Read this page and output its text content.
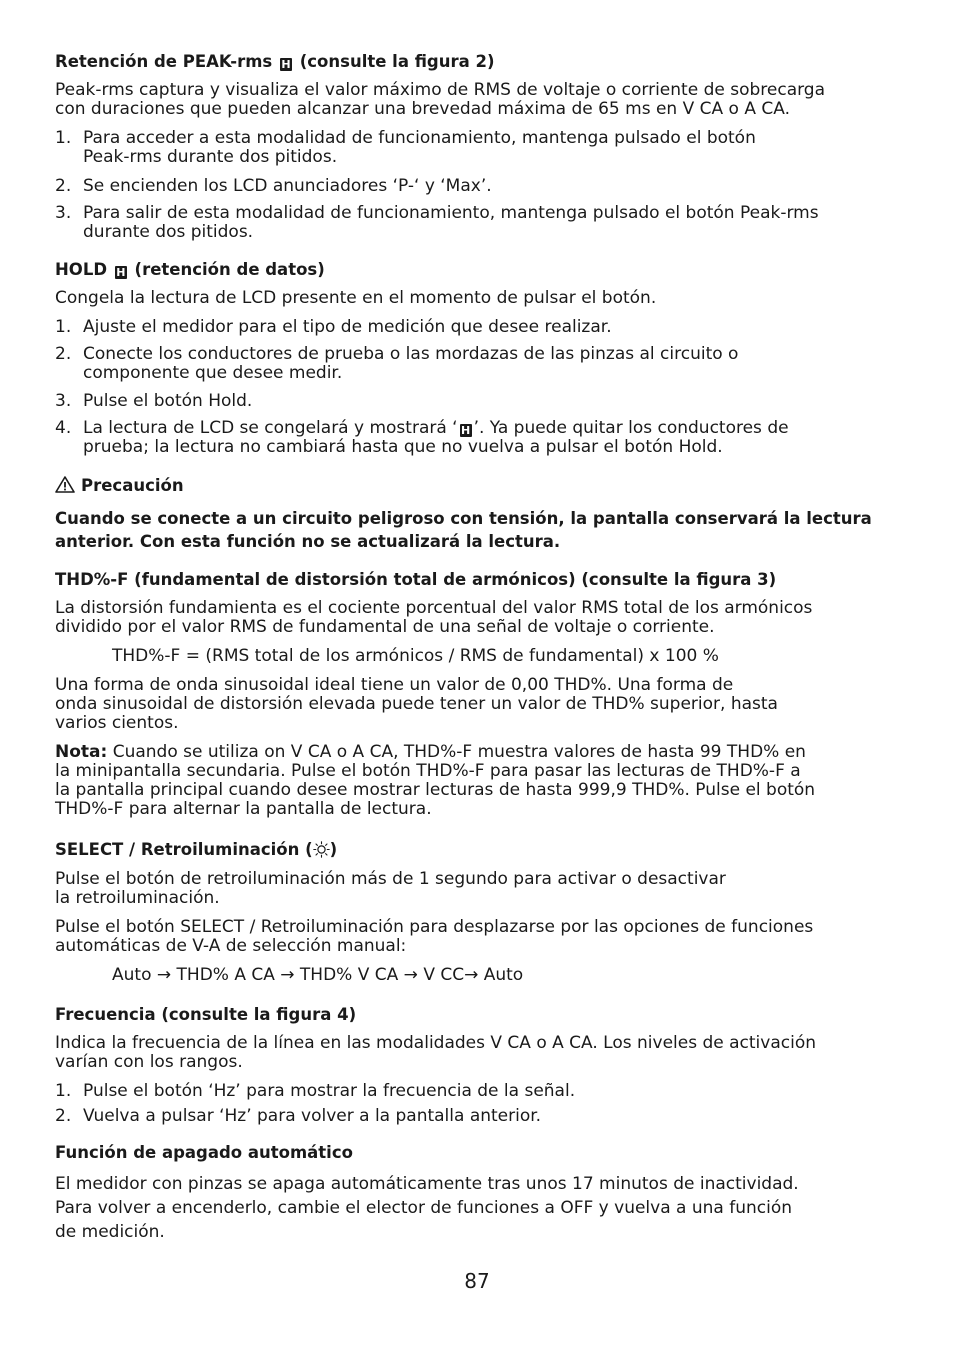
Retención de PEAK-rms H (consulte la figura 2)
Peak-rms captura y visualiza el valor máximo de RMS de voltaje o corriente de sobrecarga
con duraciones que pueden alcanzar una brevedad máxima de 65 ms en V CA o A CA.
1. Para acceder a esta modalidad de funcionamiento, mantenga pulsado el botón
Peak-rms durante dos pitidos.
2. Se encienden los LCD anunciadores ‘P-‘ y ‘Max’.
3. Para salir de esta modalidad de funcionamiento, mantenga pulsado el botón Peak-rms
durante dos pitidos.
HOLD H (retención de datos)
Congela la lectura de LCD presente en el momento de pulsar el botón.
1. Ajuste el medidor para el tipo de medición que desee realizar.
2. Conecte los conductores de prueba o las mordazas de las pinzas al circuito o
componente que desee medir.
3. Pulse el botón Hold.
4. La lectura de LCD se congelará y mostrará ‘ H ’. Ya puede quitar los conductores de
prueba; la lectura no cambiará hasta que no vuelva a pulsar el botón Hold.
Precaución
Cuando se conecte a un circuito peligroso con tensión, la pantalla conservará la lectura
anterior. Con esta función no se actualizará la lectura.
THD%-F (fundamental de distorsión total de armónicos) (consulte la figura 3)
La distorsión fundamienta es el cociente porcentual del valor RMS total de los armónicos
dividido por el valor RMS de fundamental de una señal de voltaje o corriente.
THD%-F = (RMS total de los armónicos / RMS de fundamental) x 100 %
Una forma de onda sinusoidal ideal tiene un valor de 0,00 THD%. Una forma de
onda sinusoidal de distorsión elevada puede tener un valor de THD% superior, hasta
varios cientos.
Nota: Cuando se utiliza on V CA o A CA, THD%-F muestra valores de hasta 99 THD% en
la minipantalla secundaria. Pulse el botón THD%-F para pasar las lecturas de THD%-F a
la pantalla principal cuando desee mostrar lecturas de hasta 999,9 THD%. Pulse el botón
THD%-F para alternar la pantalla de lectura.
SELECT / Retroiluminación ( )
Pulse el botón de retroiluminación más de 1 segundo para activar o desactivar
la retroiluminación.
Pulse el botón SELECT / Retroiluminación para desplazarse por las opciones de funciones
automáticas de V-A de selección manual:
Auto → THD% A CA → THD% V CA → V CC→ Auto
Frecuencia (consulte la figura 4)
Indica la frecuencia de la línea en las modalidades V CA o A CA. Los niveles de activación
varían con los rangos.
1. Pulse el botón ‘Hz’ para mostrar la frecuencia de la señal.
2. Vuelva a pulsar ‘Hz’ para volver a la pantalla anterior.
Función de apagado automático
El medidor con pinzas se apaga automáticamente tras unos 17 minutos de inactividad.
Para volver a encenderlo, cambie el elector de funciones a OFF y vuelva a una función
de medición.
87
